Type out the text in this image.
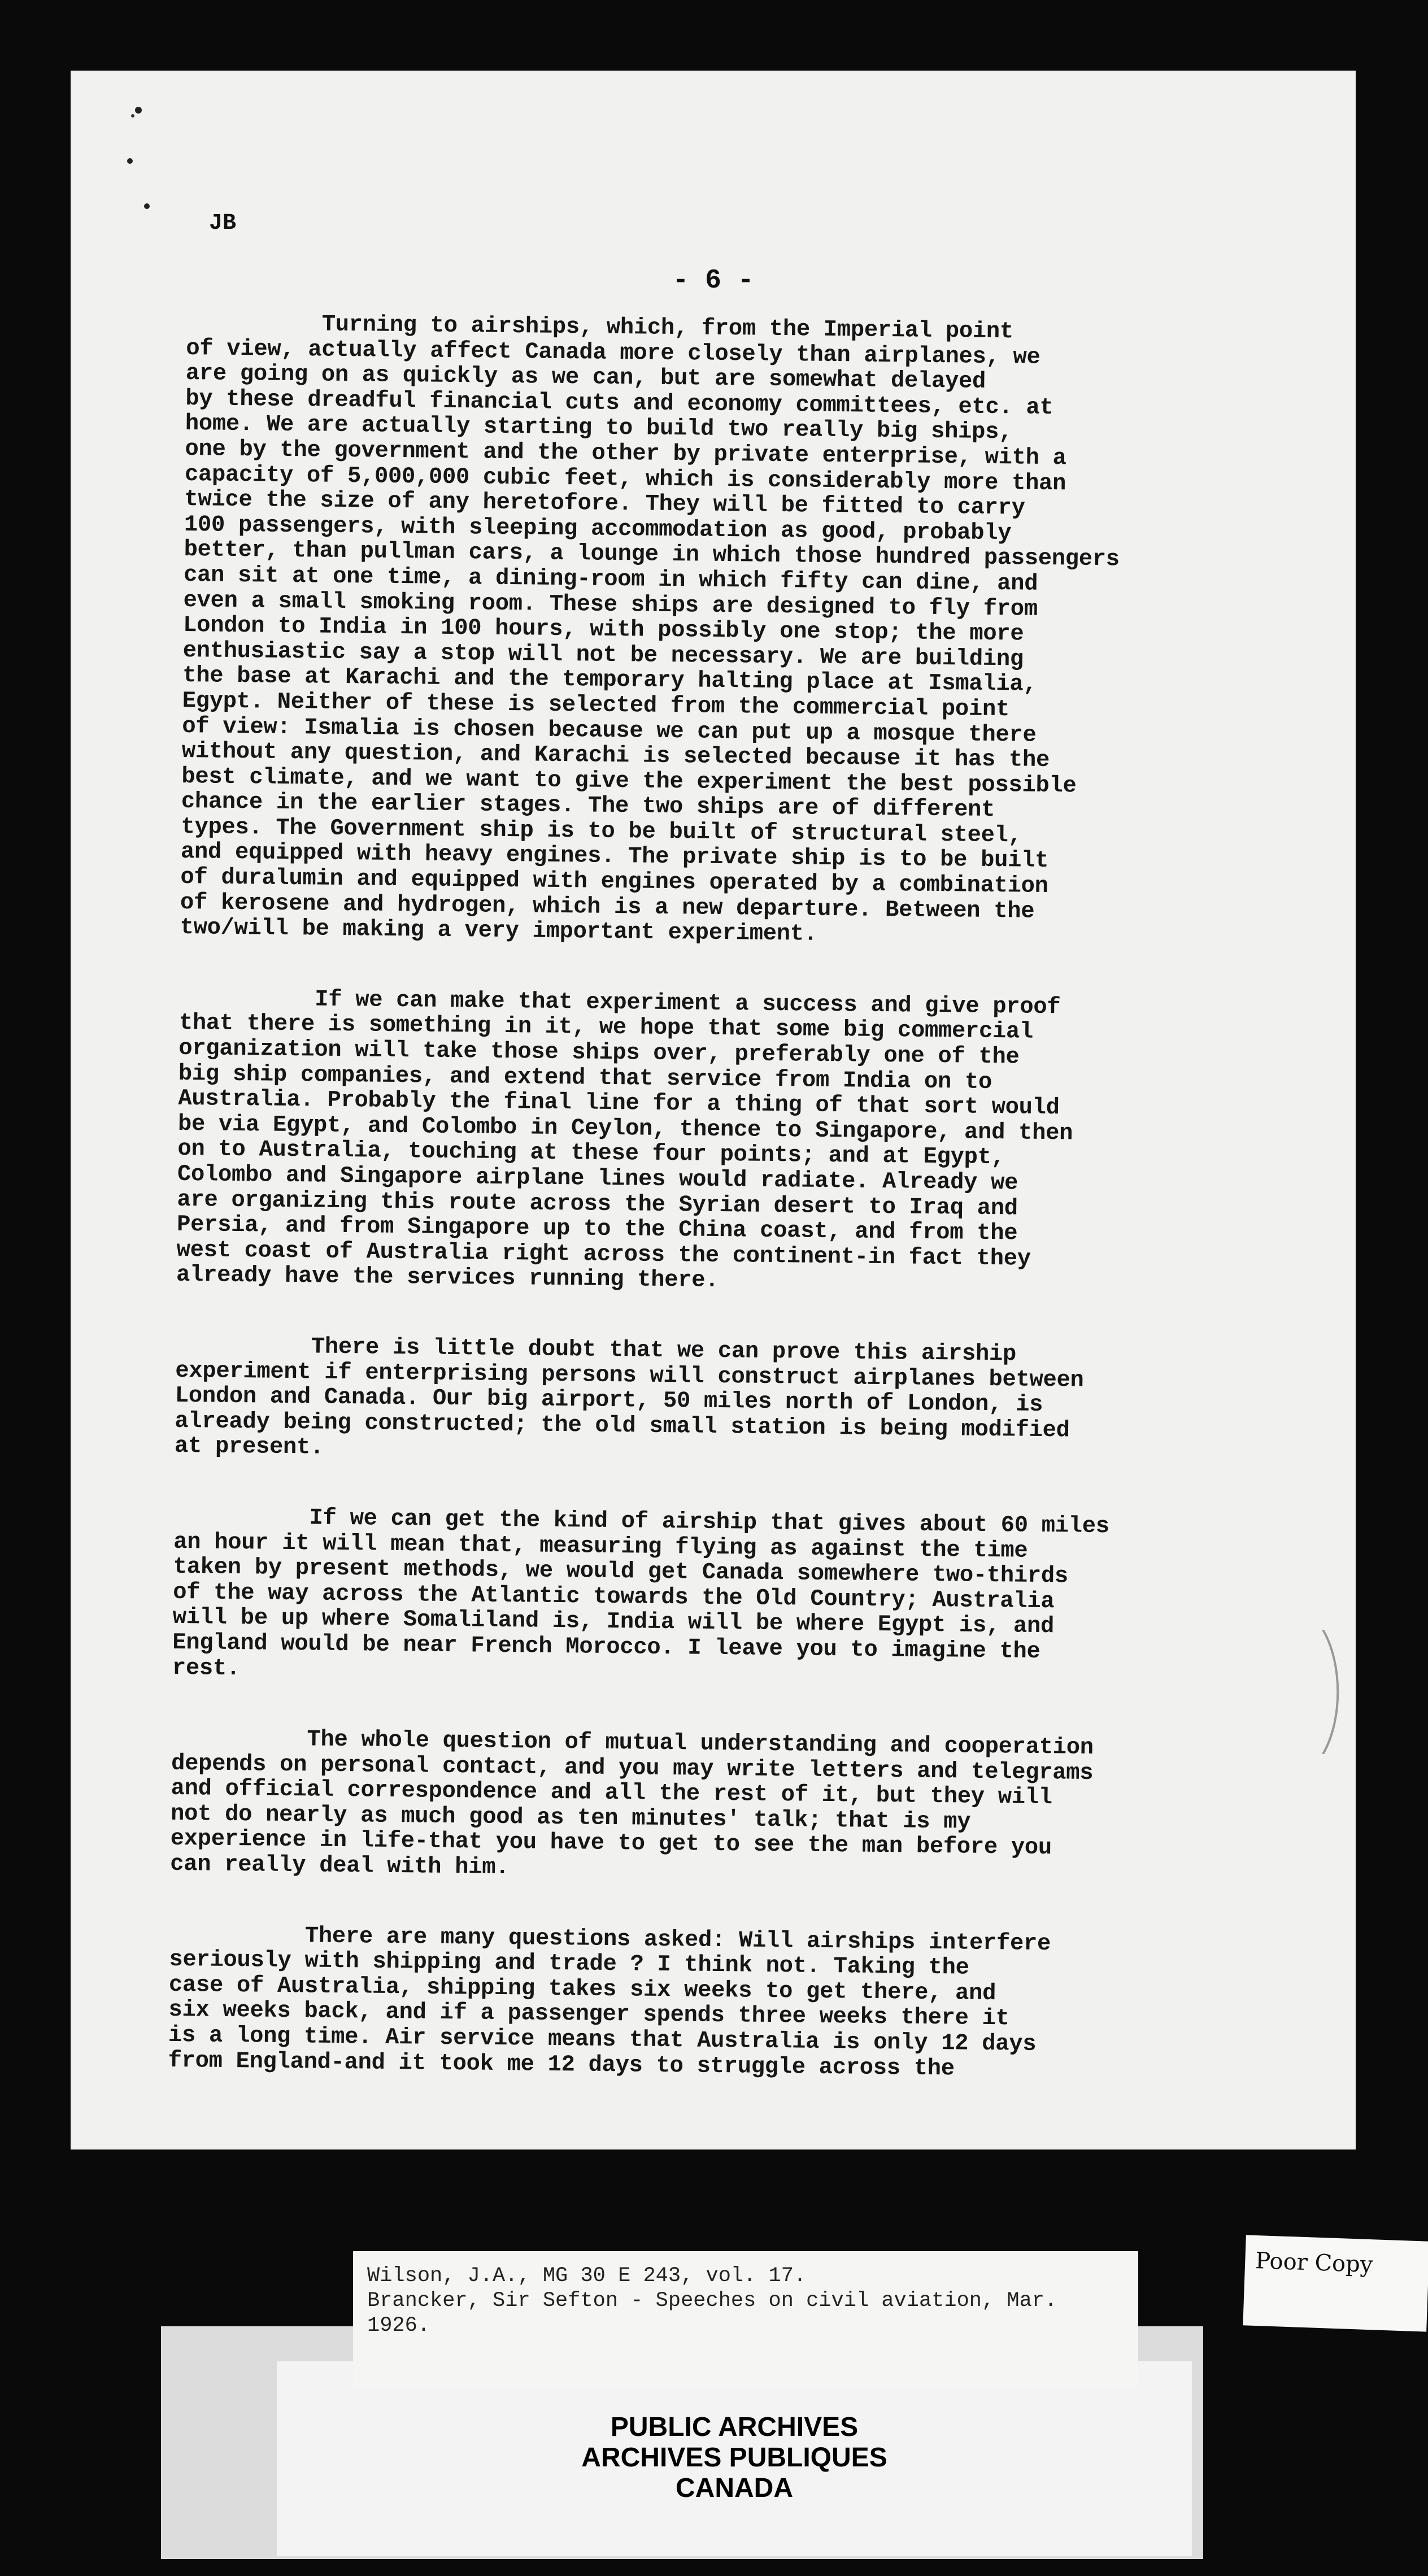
JB
- 6 -

Turning to airships, which, from the Imperial point
of view, actually affect Canada more closely than airplanes, we
are going on as quickly as we can, but are somewhat delayed
by these dreadful financial cuts and economy committees, etc. at
home. We are actually starting to build two really big ships,
one by the government and the other by private enterprise, with a
capacity of 5,000,000 cubic feet, which is considerably more than
twice the size of any heretofore. They will be fitted to carry
100 passengers, with sleeping accommodation as good, probably
better, than pullman cars, a lounge in which those hundred passengers
can sit at one time, a dining-room in which fifty can dine, and
even a small smoking room. These ships are designed to fly from
London to India in 100 hours, with possibly one stop; the more
enthusiastic say a stop will not be necessary. We are building
the base at Karachi and the temporary halting place at Ismalia,
Egypt. Neither of these is selected from the commercial point
of view: Ismalia is chosen because we can put up a mosque there
without any question, and Karachi is selected because it has the
best climate, and we want to give the experiment the best possible
chance in the earlier stages. The two ships are of different
types. The Government ship is to be built of structural steel,
and equipped with heavy engines. The private ship is to be built
of duralumin and equipped with engines operated by a combination
of kerosene and hydrogen, which is a new departure. Between the
two/will be making a very important experiment.

If we can make that experiment a success and give proof
that there is something in it, we hope that some big commercial
organization will take those ships over, preferably one of the
big ship companies, and extend that service from India on to
Australia. Probably the final line for a thing of that sort would
be via Egypt, and Colombo in Ceylon, thence to Singapore, and then
on to Australia, touching at these four points; and at Egypt,
Colombo and Singapore airplane lines would radiate. Already we
are organizing this route across the Syrian desert to Iraq and
Persia, and from Singapore up to the China coast, and from the
west coast of Australia right across the continent-in fact they
already have the services running there.

There is little doubt that we can prove this airship
experiment if enterprising persons will construct airplanes between
London and Canada. Our big airport, 50 miles north of London, is
already being constructed; the old small station is being modified
at present.

If we can get the kind of airship that gives about 60 miles
an hour it will mean that, measuring flying as against the time
taken by present methods, we would get Canada somewhere two-thirds
of the way across the Atlantic towards the Old Country; Australia
will be up where Somaliland is, India will be where Egypt is, and
England would be near French Morocco. I leave you to imagine the
rest.

The whole question of mutual understanding and cooperation
depends on personal contact, and you may write letters and telegrams
and official correspondence and all the rest of it, but they will
not do nearly as much good as ten minutes' talk; that is my
experience in life-that you have to get to see the man before you
can really deal with him.

There are many questions asked: Will airships interfere
seriously with shipping and trade ? I think not. Taking the
case of Australia, shipping takes six weeks to get there, and
six weeks back, and if a passenger spends three weeks there it
is a long time. Air service means that Australia is only 12 days
from England-and it took me 12 days to struggle across the

PUBLIC ARCHIVES
ARCHIVES PUBLIQUES
CANADA
Wilson, J.A., MG 30 E 243, vol. 17.
Brancker, Sir Sefton - Speeches on civil aviation, Mar.
1926.
Poor Copy
